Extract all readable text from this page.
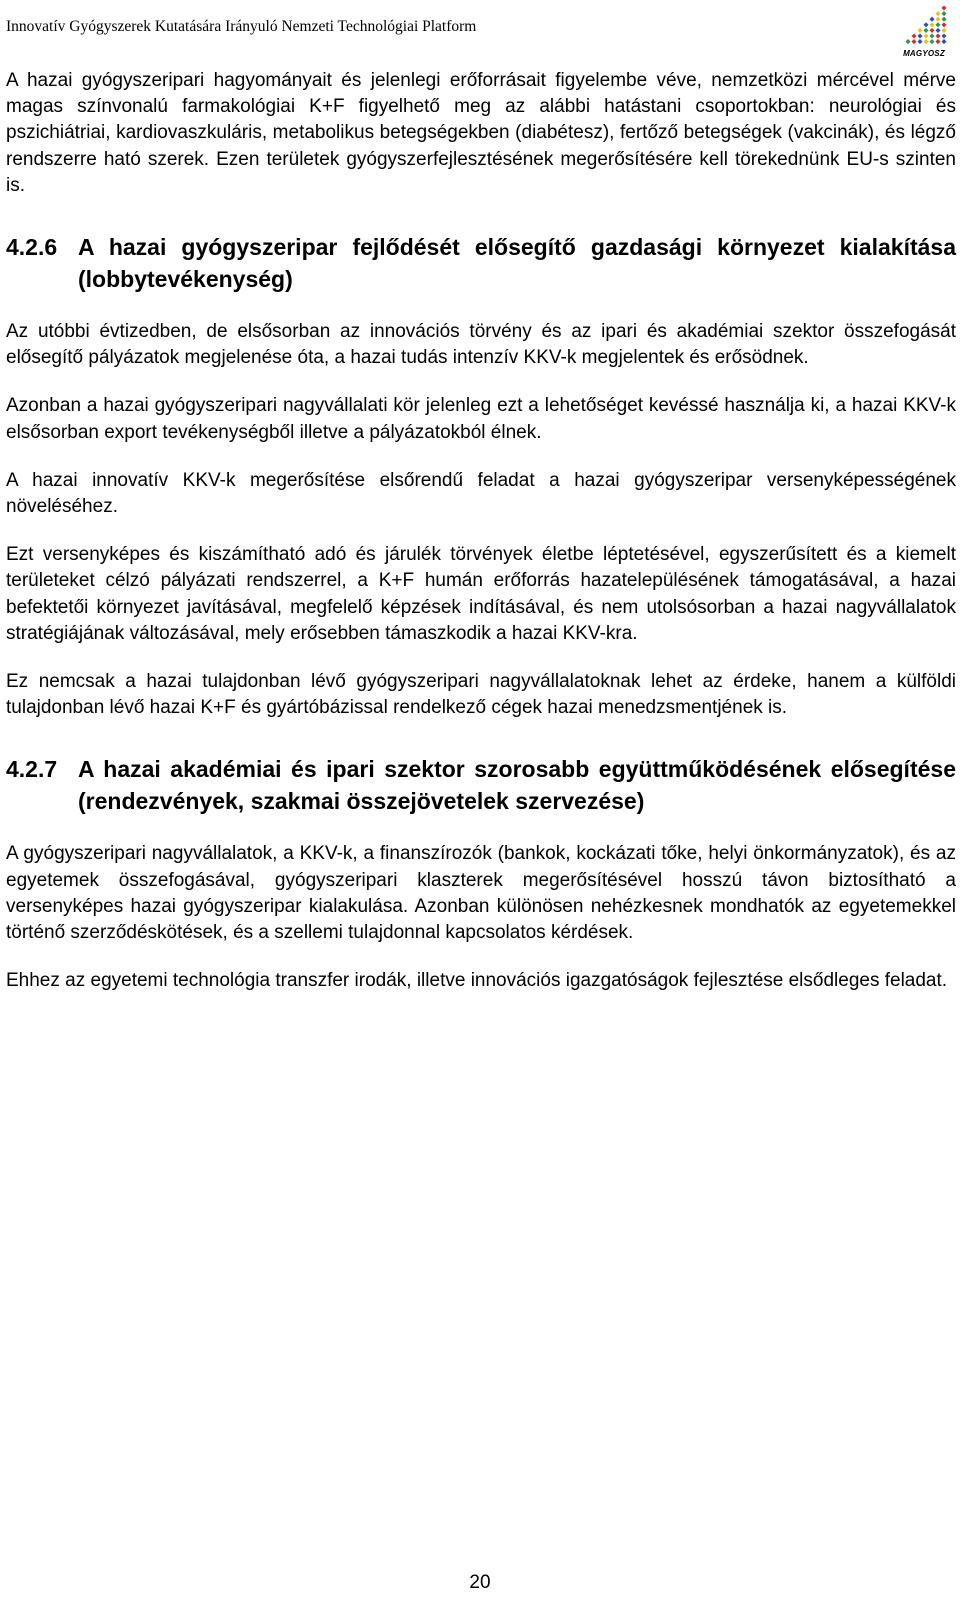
Innovatív Gyógyszerek Kutatására Irányuló Nemzeti Technológiai Platform
MAGYOSZ

A hazai gyógyszeripari hagyományait és jelenlegi erőforrásait figyelembe véve, nemzetközi mércével mérve magas színvonalú farmakológiai K+F figyelhető meg az alábbi hatástani csoportokban: neurológiai és pszichiátriai, kardiovaszkuláris, metabolikus betegségekben (diabétesz), fertőző betegségek (vakcinák), és légző rendszerre ható szerek. Ezen területek gyógyszerfejlesztésének megerősítésére kell törekednünk EU-s szinten is.

4.2.6 A hazai gyógyszeripar fejlődését elősegítő gazdasági környezet kialakítása (lobbytevékenység)

Az utóbbi évtizedben, de elsősorban az innovációs törvény és az ipari és akadémiai szektor összefogását elősegítő pályázatok megjelenése óta, a hazai tudás intenzív KKV-k megjelentek és erősödnek.

Azonban a hazai gyógyszeripari nagyvállalati kör jelenleg ezt a lehetőséget kevéssé használja ki, a hazai KKV-k elsősorban export tevékenységből illetve a pályázatokból élnek.

A hazai innovatív KKV-k megerősítése elsőrendű feladat a hazai gyógyszeripar versenyképességének növeléséhez.

Ezt versenyképes és kiszámítható adó és járulék törvények életbe léptetésével, egyszerűsített és a kiemelt területeket célzó pályázati rendszerrel, a K+F humán erőforrás hazatelepülésének támogatásával, a hazai befektetői környezet javításával, megfelelő képzések indításával, és nem utolsósorban a hazai nagyvállalatok stratégiájának változásával, mely erősebben támaszkodik a hazai KKV-kra.

Ez nemcsak a hazai tulajdonban lévő gyógyszeripari nagyvállalatoknak lehet az érdeke, hanem a külföldi tulajdonban lévő hazai K+F és gyártóbázissal rendelkező cégek hazai menedzsmentjének is.

4.2.7 A hazai akadémiai és ipari szektor szorosabb együttműködésének elősegítése (rendezvények, szakmai összejövetelek szervezése)

A gyógyszeripari nagyvállalatok, a KKV-k, a finanszírozók (bankok, kockázati tőke, helyi önkormányzatok), és az egyetemek összefogásával, gyógyszeripari klaszterek megerősítésével hosszú távon biztosítható a versenyképes hazai gyógyszeripar kialakulása. Azonban különösen nehézkesnek mondhatók az egyetemekkel történő szerződéskötések, és a szellemi tulajdonnal kapcsolatos kérdések.

Ehhez az egyetemi technológia transzfer irodák, illetve innovációs igazgatóságok fejlesztése elsődleges feladat.

20
